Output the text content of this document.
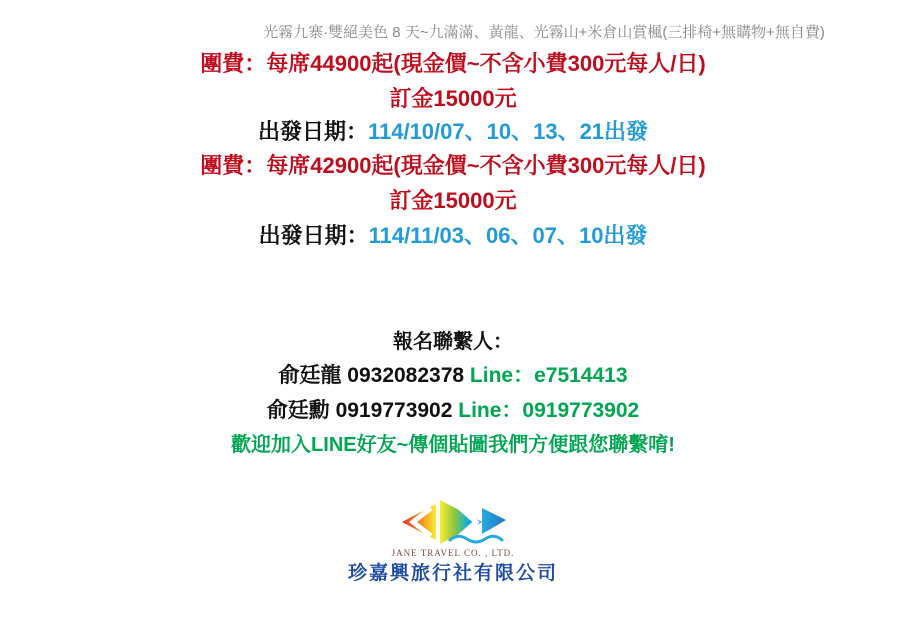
光霧九寨·雙絕美色 8 天~九滿滿、黃龍、光霧山+米倉山賞楓(三排椅+無購物+無自費)
團費：每席44900起(現金價~不含小費300元每人/日)
訂金15000元
出發日期：114/10/07、10、13、21出發
團費：每席42900起(現金價~不含小費300元每人/日)
訂金15000元
出發日期：114/11/03、06、07、10出發
報名聯繫人：
俞廷龍 0932082378 Line：e7514413
俞廷勳 0919773902 Line：0919773902
歡迎加入LINE好友~傳個貼圖我們方便跟您聯繫唷!
JANE TRAVEL CO. , LTD.
珍嘉興旅行社有限公司
